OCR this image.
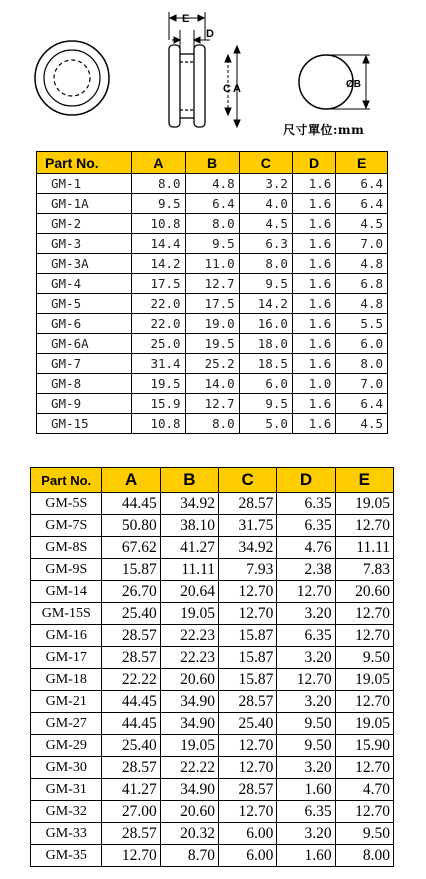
E
D
C A	ØB
尺寸單位:mm
Part No.	A	B	C	D	E
GM-1	8.0	4.8	3.2	1.6	6.4
GM-1A	9.5	6.4	4.0	1.6	6.4
GM-2	10.8	8.0	4.5	1.6	4.5
GM-3	14.4	9.5	6.3	1.6	7.0
GM-3A	14.2	11.0	8.0	1.6	4.8
GM-4	17.5	12.7	9.5	1.6	6.8
GM-5	22.0	17.5	14.2	1.6	4.8
GM-6	22.0	19.0	16.0	1.6	5.5
GM-6A	25.0	19.5	18.0	1.6	6.0
GM-7	31.4	25.2	18.5	1.6	8.0
GM-8	19.5	14.0	6.0	1.0	7.0
GM-9	15.9	12.7	9.5	1.6	6.4
GM-15	10.8	8.0	5.0	1.6	4.5
Part No.	A	B	C	D	E
GM-5S	44.45	34.92	28.57	6.35	19.05
GM-7S	50.80	38.10	31.75	6.35	12.70
GM-8S	67.62	41.27	34.92	4.76	11.11
GM-9S	15.87	11.11	7.93	2.38	7.83
GM-14	26.70	20.64	12.70	12.70	20.60
GM-15S	25.40	19.05	12.70	3.20	12.70
GM-16	28.57	22.23	15.87	6.35	12.70
GM-17	28.57	22.23	15.87	3.20	9.50
GM-18	22.22	20.60	15.87	12.70	19.05
GM-21	44.45	34.90	28.57	3.20	12.70
GM-27	44.45	34.90	25.40	9.50	19.05
GM-29	25.40	19.05	12.70	9.50	15.90
GM-30	28.57	22.22	12.70	3.20	12.70
GM-31	41.27	34.90	28.57	1.60	4.70
GM-32	27.00	20.60	12.70	6.35	12.70
GM-33	28.57	20.32	6.00	3.20	9.50
GM-35	12.70	8.70	6.00	1.60	8.00
